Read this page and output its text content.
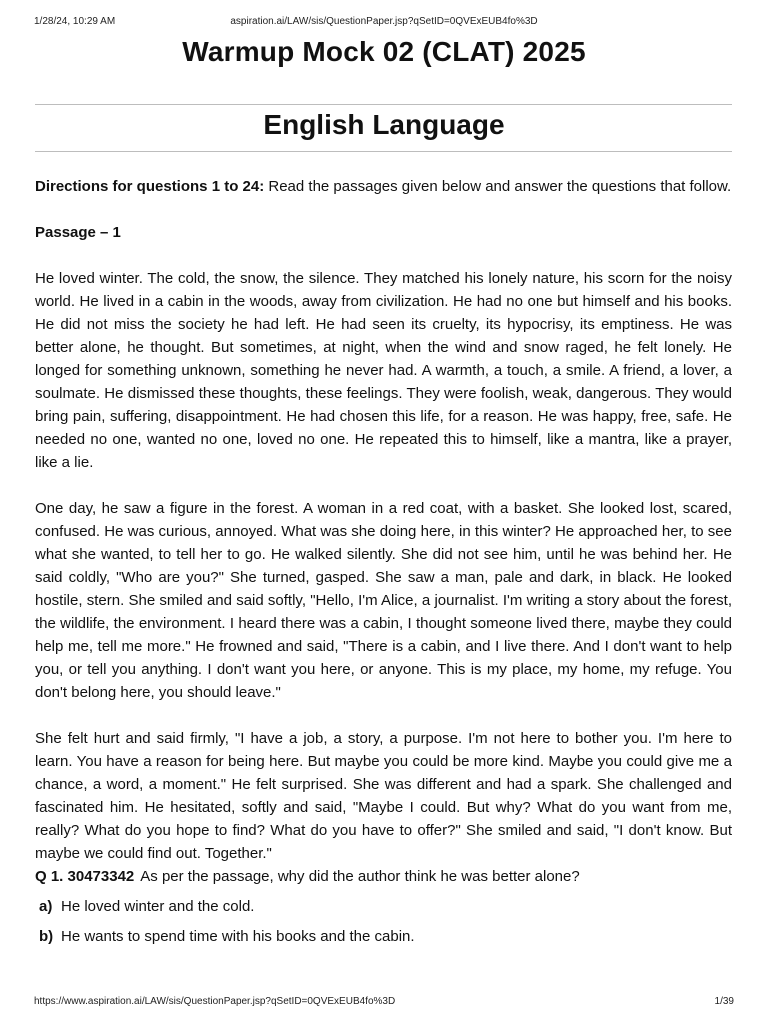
1/28/24, 10:29 AM	aspiration.ai/LAW/sis/QuestionPaper.jsp?qSetID=0QVExEUB4fo%3D
Warmup Mock 02 (CLAT) 2025
English Language

Directions for questions 1 to 24: Read the passages given below and answer the questions that follow.

Passage – 1

He loved winter. The cold, the snow, the silence. They matched his lonely nature, his scorn for the noisy world. He lived in a cabin in the woods, away from civilization. He had no one but himself and his books. He did not miss the society he had left. He had seen its cruelty, its hypocrisy, its emptiness. He was better alone, he thought. But sometimes, at night, when the wind and snow raged, he felt lonely. He longed for something unknown, something he never had. A warmth, a touch, a smile. A friend, a lover, a soulmate. He dismissed these thoughts, these feelings. They were foolish, weak, dangerous. They would bring pain, suffering, disappointment. He had chosen this life, for a reason. He was happy, free, safe. He needed no one, wanted no one, loved no one. He repeated this to himself, like a mantra, like a prayer, like a lie.

One day, he saw a figure in the forest. A woman in a red coat, with a basket. She looked lost, scared, confused. He was curious, annoyed. What was she doing here, in this winter? He approached her, to see what she wanted, to tell her to go. He walked silently. She did not see him, until he was behind her. He said coldly, "Who are you?" She turned, gasped. She saw a man, pale and dark, in black. He looked hostile, stern. She smiled and said softly, "Hello, I'm Alice, a journalist. I'm writing a story about the forest, the wildlife, the environment. I heard there was a cabin, I thought someone lived there, maybe they could help me, tell me more." He frowned and said, "There is a cabin, and I live there. And I don't want to help you, or tell you anything. I don't want you here, or anyone. This is my place, my home, my refuge. You don't belong here, you should leave."

She felt hurt and said firmly, "I have a job, a story, a purpose. I'm not here to bother you. I'm here to learn. You have a reason for being here. But maybe you could be more kind. Maybe you could give me a chance, a word, a moment." He felt surprised. She was different and had a spark. She challenged and fascinated him. He hesitated, softly and said, "Maybe I could. But why? What do you want from me, really? What do you hope to find? What do you have to offer?" She smiled and said, "I don't know. But maybe we could find out. Together."

Q 1. 30473342 As per the passage, why did the author think he was better alone?
a) He loved winter and the cold.
b) He wants to spend time with his books and the cabin.
https://www.aspiration.ai/LAW/sis/QuestionPaper.jsp?qSetID=0QVExEUB4fo%3D	1/39
